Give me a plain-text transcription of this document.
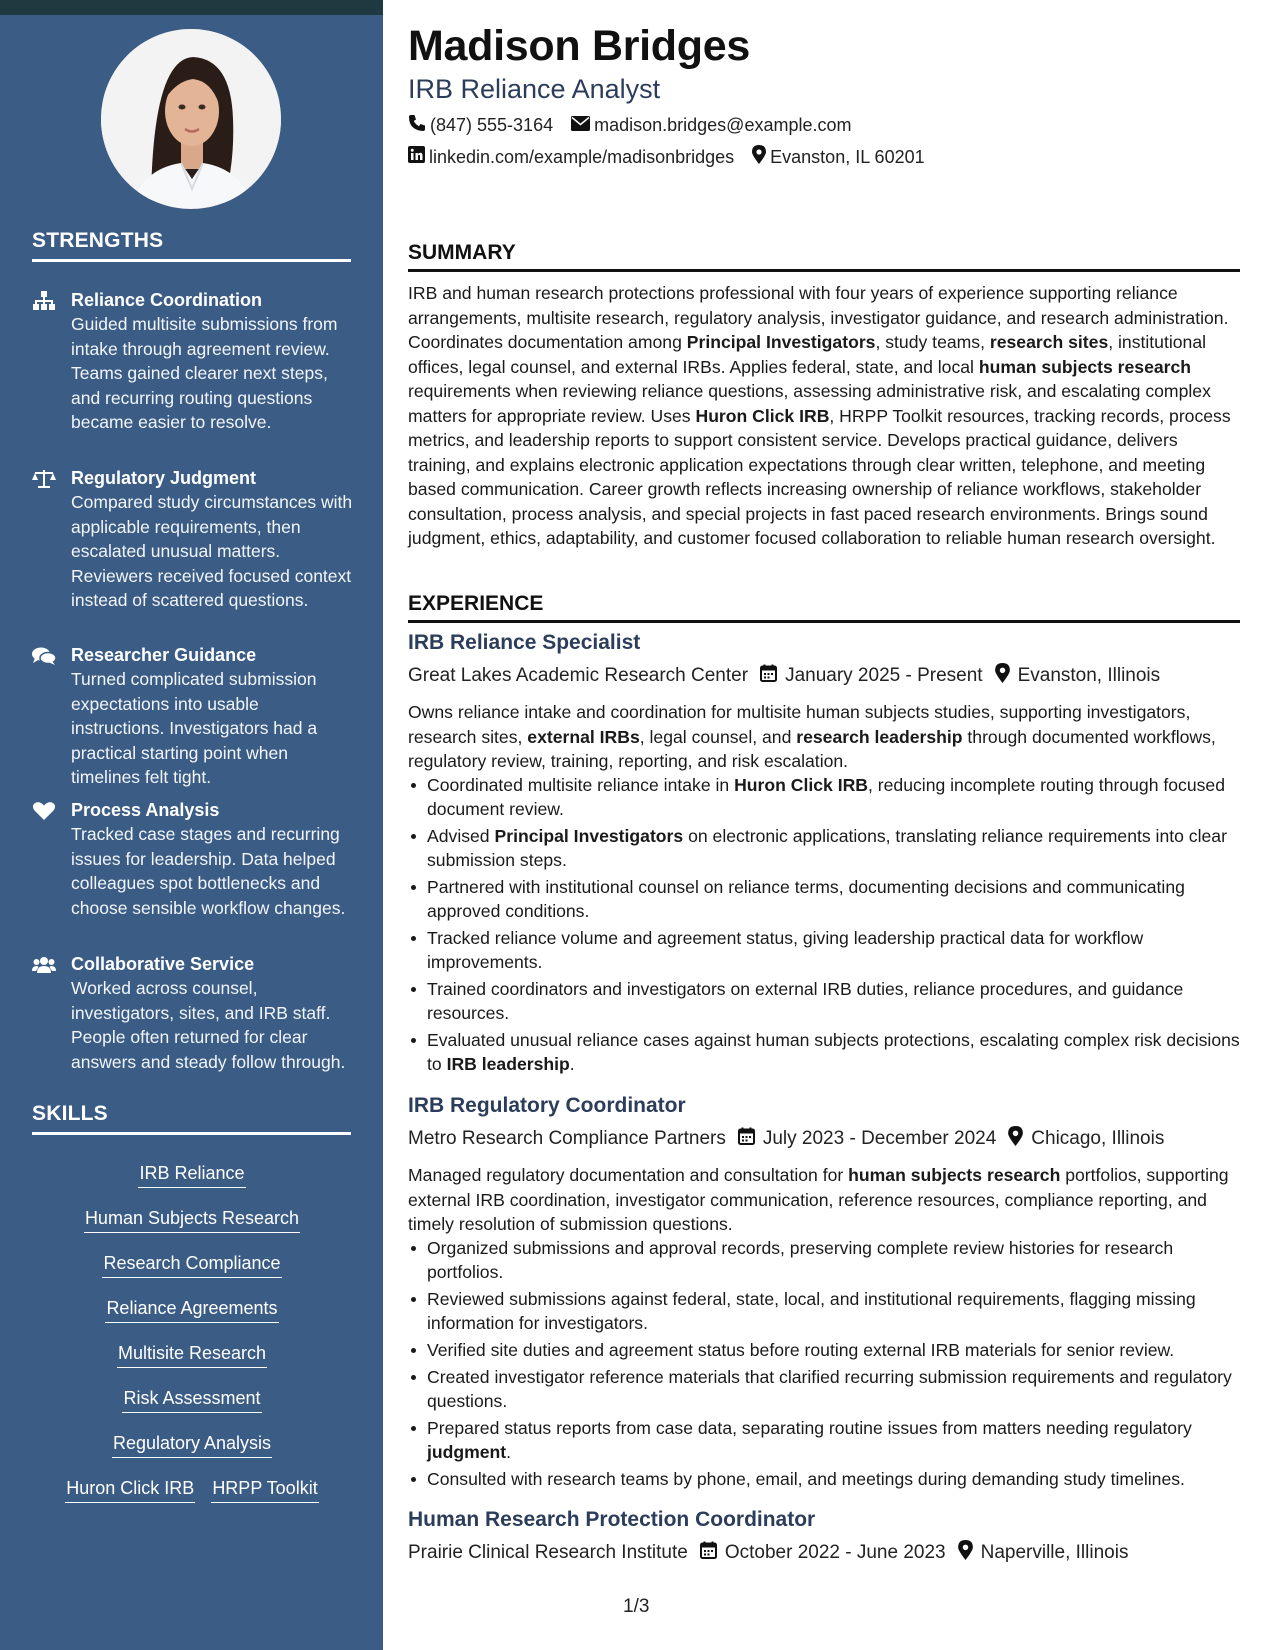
STRENGTHS
Reliance Coordination
Guided multisite submissions from intake through agreement review. Teams gained clearer next steps, and recurring routing questions became easier to resolve.
Regulatory Judgment
Compared study circumstances with applicable requirements, then escalated unusual matters. Reviewers received focused context instead of scattered questions.
Researcher Guidance
Turned complicated submission expectations into usable instructions. Investigators had a practical starting point when timelines felt tight.
Process Analysis
Tracked case stages and recurring issues for leadership. Data helped colleagues spot bottlenecks and choose sensible workflow changes.
Collaborative Service
Worked across counsel, investigators, sites, and IRB staff. People often returned for clear answers and steady follow through.
SKILLS
IRB Reliance
Human Subjects Research
Research Compliance
Reliance Agreements
Multisite Research
Risk Assessment
Regulatory Analysis
Huron Click IRB HRPP Toolkit
Madison Bridges
IRB Reliance Analyst
(847) 555-3164 madison.bridges@example.com
linkedin.com/example/madisonbridges Evanston, IL 60201
SUMMARY
IRB and human research protections professional with four years of experience supporting reliance arrangements, multisite research, regulatory analysis, investigator guidance, and research administration. Coordinates documentation among Principal Investigators, study teams, research sites, institutional offices, legal counsel, and external IRBs. Applies federal, state, and local human subjects research requirements when reviewing reliance questions, assessing administrative risk, and escalating complex matters for appropriate review. Uses Huron Click IRB, HRPP Toolkit resources, tracking records, process metrics, and leadership reports to support consistent service. Develops practical guidance, delivers training, and explains electronic application expectations through clear written, telephone, and meeting based communication. Career growth reflects increasing ownership of reliance workflows, stakeholder consultation, process analysis, and special projects in fast paced research environments. Brings sound judgment, ethics, adaptability, and customer focused collaboration to reliable human research oversight.
EXPERIENCE
IRB Reliance Specialist
Great Lakes Academic Research Center January 2025 - Present Evanston, Illinois
Owns reliance intake and coordination for multisite human subjects studies, supporting investigators, research sites, external IRBs, legal counsel, and research leadership through documented workflows, regulatory review, training, reporting, and risk escalation.
Coordinated multisite reliance intake in Huron Click IRB, reducing incomplete routing through focused document review.
Advised Principal Investigators on electronic applications, translating reliance requirements into clear submission steps.
Partnered with institutional counsel on reliance terms, documenting decisions and communicating approved conditions.
Tracked reliance volume and agreement status, giving leadership practical data for workflow improvements.
Trained coordinators and investigators on external IRB duties, reliance procedures, and guidance resources.
Evaluated unusual reliance cases against human subjects protections, escalating complex risk decisions to IRB leadership.
IRB Regulatory Coordinator
Metro Research Compliance Partners July 2023 - December 2024 Chicago, Illinois
Managed regulatory documentation and consultation for human subjects research portfolios, supporting external IRB coordination, investigator communication, reference resources, compliance reporting, and timely resolution of submission questions.
Organized submissions and approval records, preserving complete review histories for research portfolios.
Reviewed submissions against federal, state, local, and institutional requirements, flagging missing information for investigators.
Verified site duties and agreement status before routing external IRB materials for senior review.
Created investigator reference materials that clarified recurring submission requirements and regulatory questions.
Prepared status reports from case data, separating routine issues from matters needing regulatory judgment.
Consulted with research teams by phone, email, and meetings during demanding study timelines.
Human Research Protection Coordinator
Prairie Clinical Research Institute October 2022 - June 2023 Naperville, Illinois
1/3
